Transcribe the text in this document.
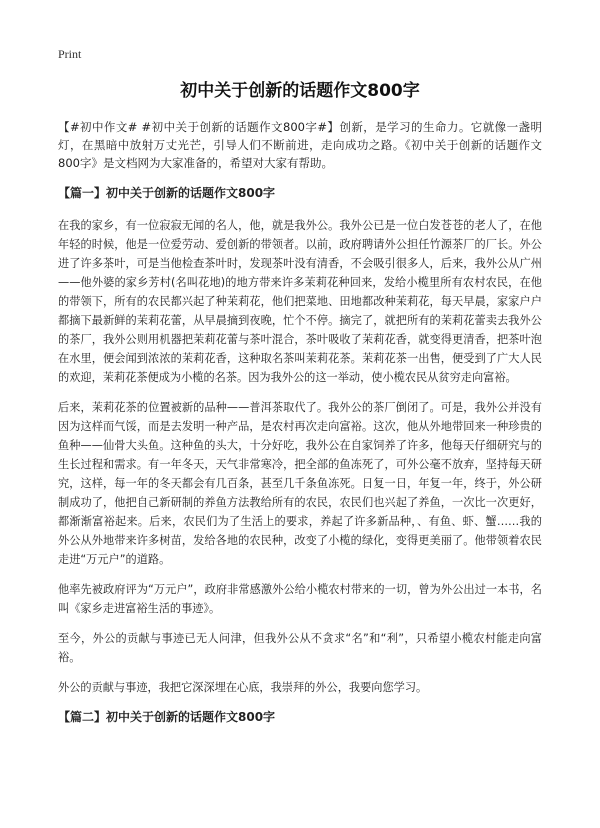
Print
初中关于创新的话题作文800字

【#初中作文# #初中关于创新的话题作文800字#】创新，是学习的生命力。它就像一盏明灯，在黑暗中放射万丈光芒，引导人们不断前进，走向成功之路。《初中关于创新的话题作文800字》是文档网为大家准备的，希望对大家有帮助。

【篇一】初中关于创新的话题作文800字

在我的家乡，有一位寂寂无闻的名人，他，就是我外公。我外公已是一位白发苍苍的老人了，在他年轻的时候，他是一位爱劳动、爱创新的带领者。以前，政府聘请外公担任竹源茶厂的厂长。外公进了许多茶叶，可是当他检查茶叶时，发现茶叶没有清香，不会吸引很多人，后来，我外公从广州——他外婆的家乡芳村(名叫花地)的地方带来许多茉莉花种回来，发给小榄里所有农村农民，在他的带领下，所有的农民都兴起了种茉莉花，他们把菜地、田地都改种茉莉花，每天早晨，家家户户都摘下最新鲜的茉莉花蕾，从早晨摘到夜晚，忙个不停。摘完了，就把所有的茉莉花蕾卖去我外公的茶厂，我外公则用机器把茉莉花蕾与茶叶混合，茶叶吸收了茉莉花香，就变得更清香，把茶叶泡在水里，便会闻到浓浓的茉莉花香，这种取名茶叫茉莉花茶。茉莉花茶一出售，便受到了广大人民的欢迎，茉莉花茶便成为小榄的名茶。因为我外公的这一举动，使小榄农民从贫穷走向富裕。

后来，茉莉花茶的位置被新的品种——普洱茶取代了。我外公的茶厂倒闭了。可是，我外公并没有因为这样而气馁，而是去发明一种产品，是农村再次走向富裕。这次，他从外地带回来一种珍贵的鱼种——仙骨大头鱼。这种鱼的头大，十分好吃，我外公在自家饲养了许多，他每天仔细研究与的生长过程和需求。有一年冬天，天气非常寒冷，把全部的鱼冻死了，可外公毫不放弃，坚持每天研究，这样，每一年的冬天都会有几百条，甚至几千条鱼冻死。日复一日，年复一年，终于，外公研制成功了，他把自己新研制的养鱼方法教给所有的农民，农民们也兴起了养鱼，一次比一次更好，都渐渐富裕起来。后来，农民们为了生活上的要求，养起了许多新品种，、有鱼、虾、蟹……我的外公从外地带来许多树苗，发给各地的农民种，改变了小榄的绿化，变得更美丽了。他带领着农民走进“万元户”的道路。

他率先被政府评为“万元户”，政府非常感激外公给小榄农村带来的一切，曾为外公出过一本书，名叫《家乡走进富裕生活的事迹》。

至今，外公的贡献与事迹已无人问津，但我外公从不贪求“名”和“利”，只希望小榄农村能走向富裕。

外公的贡献与事迹，我把它深深埋在心底，我崇拜的外公，我要向您学习。

【篇二】初中关于创新的话题作文800字
